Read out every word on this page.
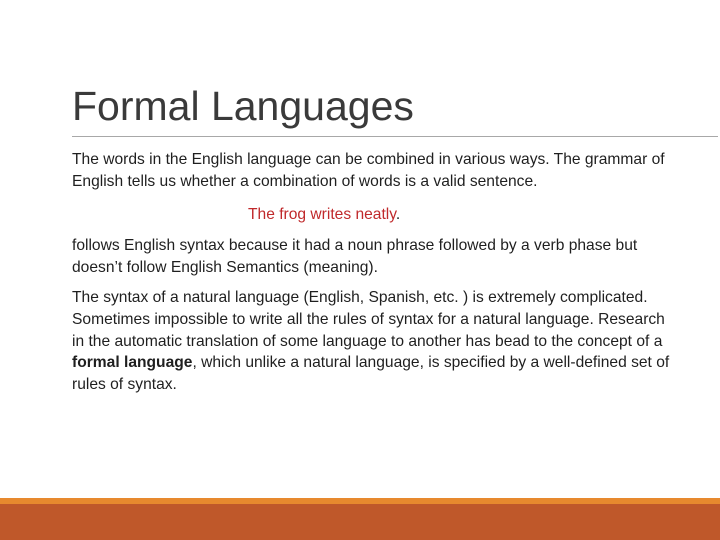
Formal Languages

The words in the English language can be combined in various ways. The grammar of English tells us whether a combination of words is a valid sentence.

The frog writes neatly.

follows English syntax because it had a noun phrase followed by a verb phase but doesn’t follow English Semantics (meaning).

The syntax of a natural language (English, Spanish, etc. ) is extremely complicated. Sometimes impossible to write all the rules of syntax for a natural language. Research in the automatic translation of some language to another has bead to the concept of a formal language, which unlike a natural language, is specified by a well-defined set of rules of syntax.
